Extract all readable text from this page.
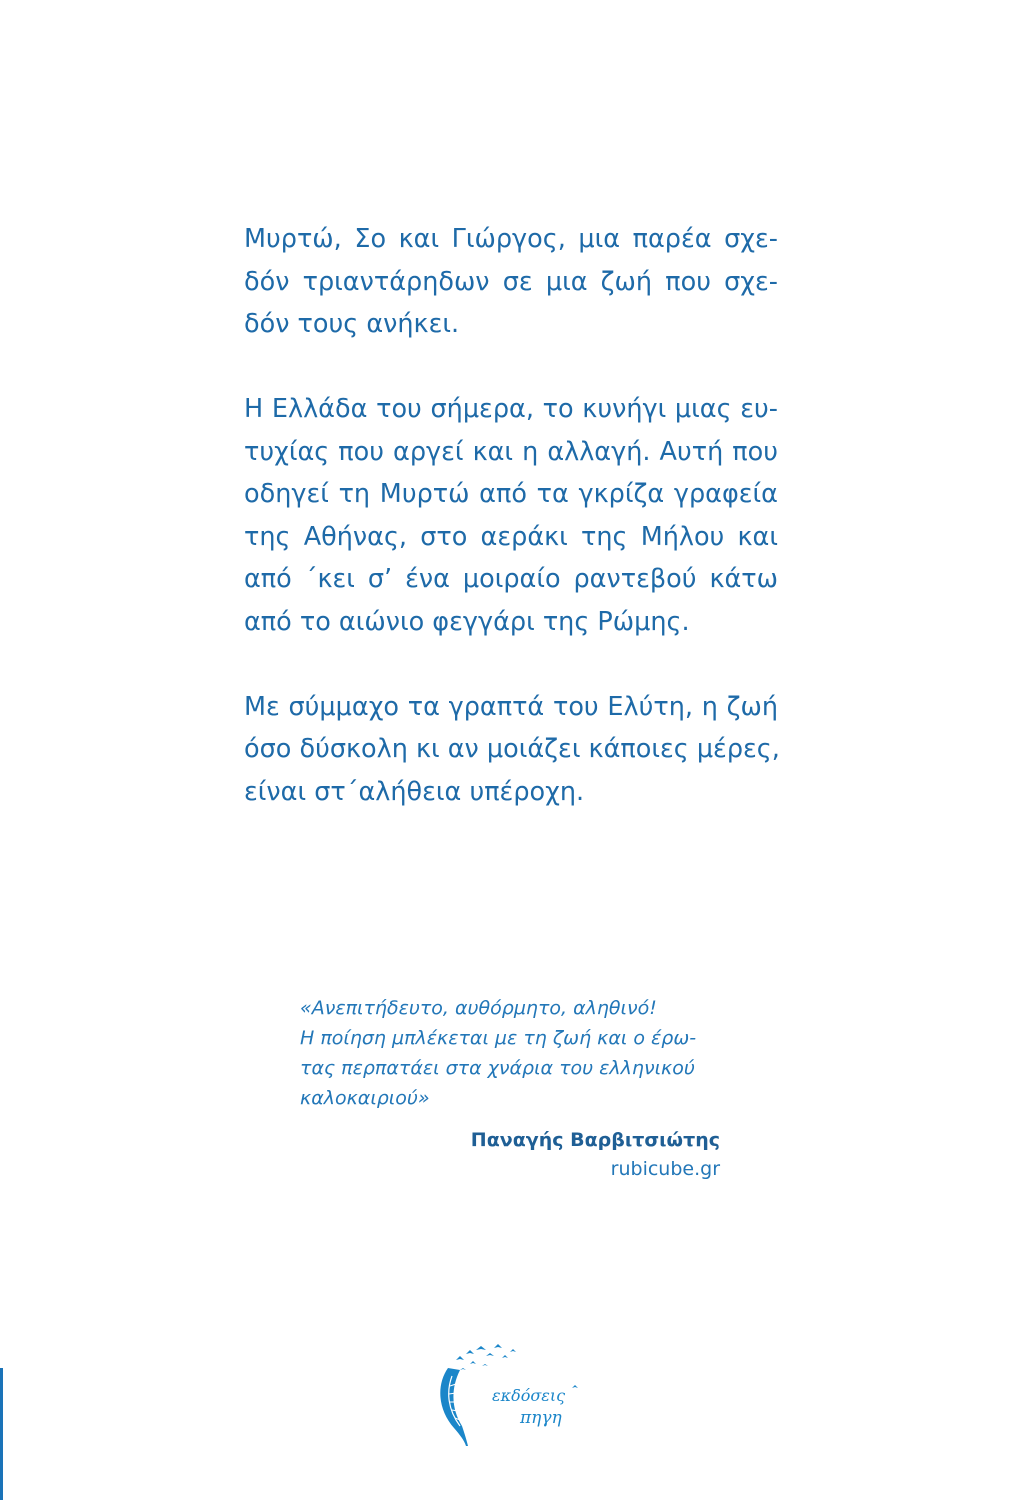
Μυρτώ, Σο και Γιώργος, μια παρέα σχε-
δόν τριαντάρηδων σε μια ζωή που σχε-
δόν τους ανήκει.

Η Ελλάδα του σήμερα, το κυνήγι μιας ευ-
τυχίας που αργεί και η αλλαγή. Αυτή που
οδηγεί τη Μυρτώ από τα γκρίζα γραφεία
της Αθήνας, στο αεράκι της Μήλου και
από ΄κει σ’ ένα μοιραίο ραντεβού κάτω
από το αιώνιο φεγγάρι της Ρώμης.

Με σύμμαχο τα γραπτά του Ελύτη, η ζωή
όσο δύσκολη κι αν μοιάζει κάποιες μέρες,
είναι στ΄αλήθεια υπέροχη.

«Ανεπιτήδευτο, αυθόρμητο, αληθινό!
Η ποίηση μπλέκεται με τη ζωή και ο έρω-
τας περπατάει στα χνάρια του ελληνικού
καλοκαιριού»
Παναγής Βαρβιτσιώτης
rubicube.gr
εκδόσεις
πηγη
